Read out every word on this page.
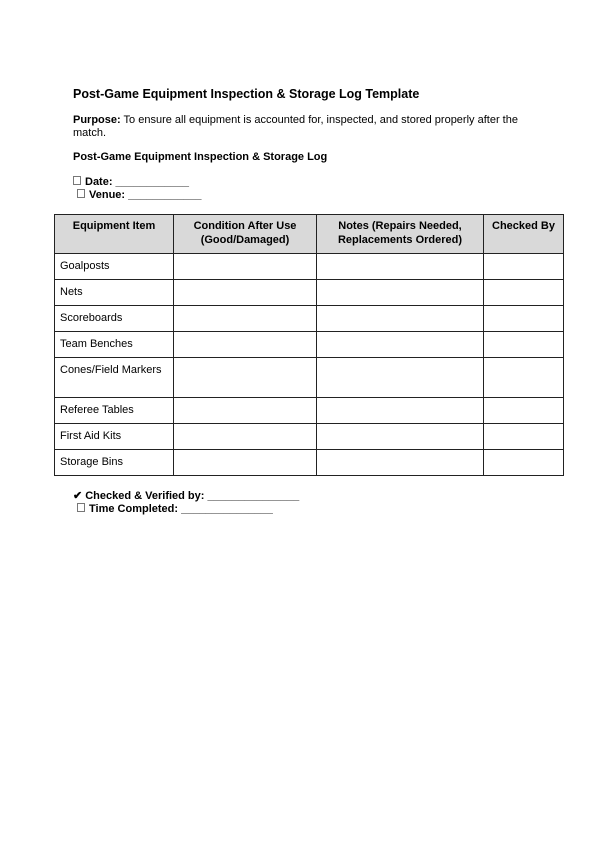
Post-Game Equipment Inspection & Storage Log Template
Purpose: To ensure all equipment is accounted for, inspected, and stored properly after the match.
Post-Game Equipment Inspection & Storage Log
Date: ____________
Venue: ____________
Equipment Item	Condition After Use (Good/Damaged)	Notes (Repairs Needed, Replacements Ordered)	Checked By
Goalposts			
Nets			
Scoreboards			
Team Benches			
Cones/Field Markers			
Referee Tables			
First Aid Kits			
Storage Bins			
✔ Checked & Verified by: _______________
Time Completed: _______________
